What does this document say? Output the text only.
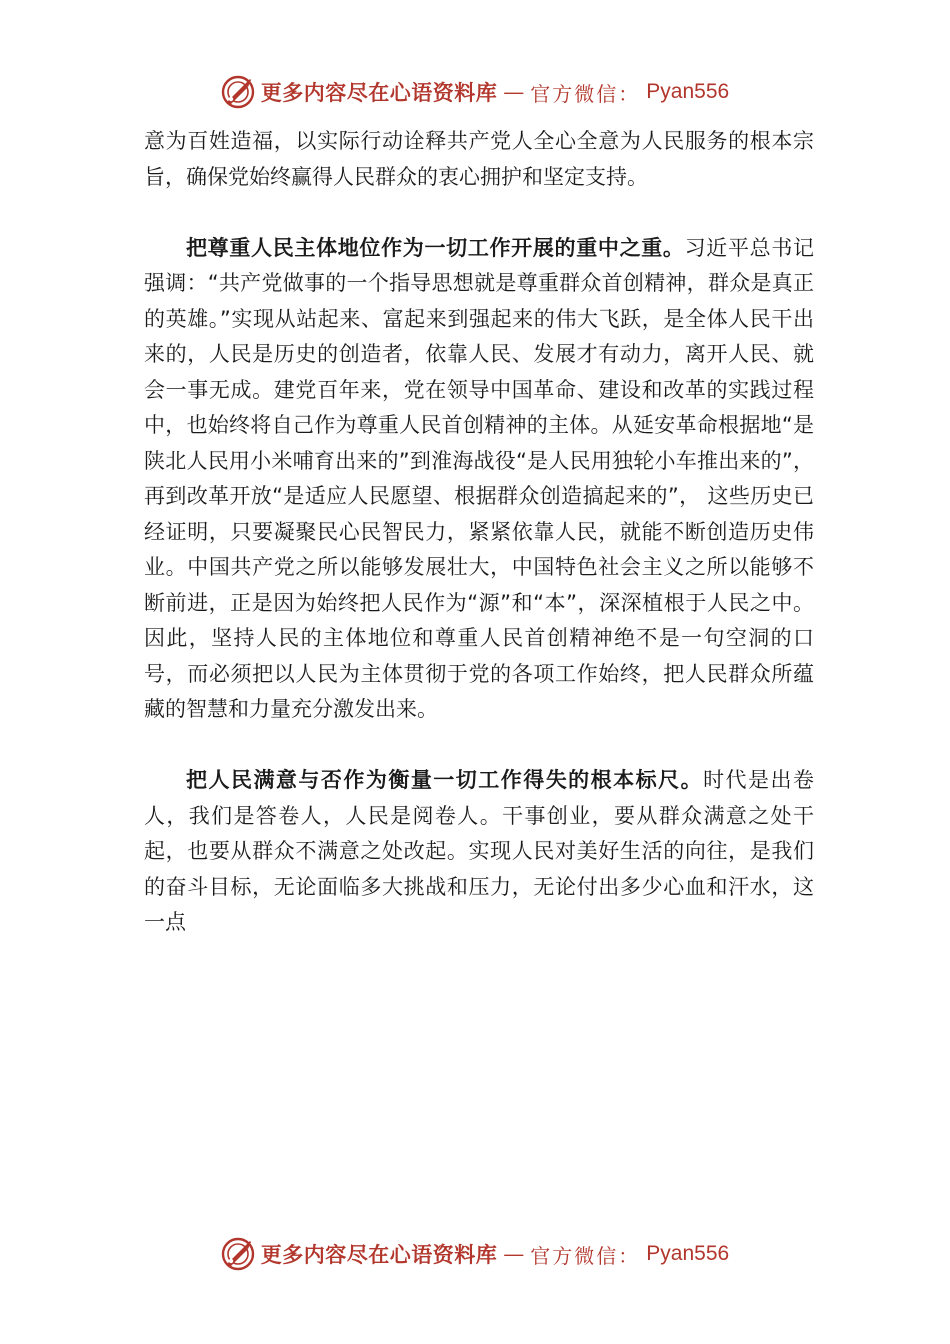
更多内容尽在心语资料库 — 官方微信： Pyan556

意为百姓造福，以实际行动诠释共产党人全心全意为人民服务的根本宗旨，确保党始终赢得人民群众的衷心拥护和坚定支持。

把尊重人民主体地位作为一切工作开展的重中之重。习近平总书记强调：“共产党做事的一个指导思想就是尊重群众首创精神，群众是真正的英雄。”实现从站起来、富起来到强起来的伟大飞跃，是全体人民干出来的，人民是历史的创造者，依靠人民、发展才有动力，离开人民、就会一事无成。建党百年来，党在领导中国革命、建设和改革的实践过程中，也始终将自己作为尊重人民首创精神的主体。从延安革命根据地“是陕北人民用小米哺育出来的”到淮海战役“是人民用独轮小车推出来的”，再到改革开放“是适应人民愿望、根据群众创造搞起来的”， 这些历史已经证明，只要凝聚民心民智民力，紧紧依靠人民，就能不断创造历史伟业。中国共产党之所以能够发展壮大，中国特色社会主义之所以能够不断前进，正是因为始终把人民作为“源”和“本”，深深植根于人民之中。因此，坚持人民的主体地位和尊重人民首创精神绝不是一句空洞的口号，而必须把以人民为主体贯彻于党的各项工作始终，把人民群众所蕴藏的智慧和力量充分激发出来。

把人民满意与否作为衡量一切工作得失的根本标尺。时代是出卷人，我们是答卷人，人民是阅卷人。干事创业，要从群众满意之处干起，也要从群众不满意之处改起。实现人民对美好生活的向往，是我们的奋斗目标，无论面临多大挑战和压力，无论付出多少心血和汗水，这一点

更多内容尽在心语资料库 — 官方微信： Pyan556
